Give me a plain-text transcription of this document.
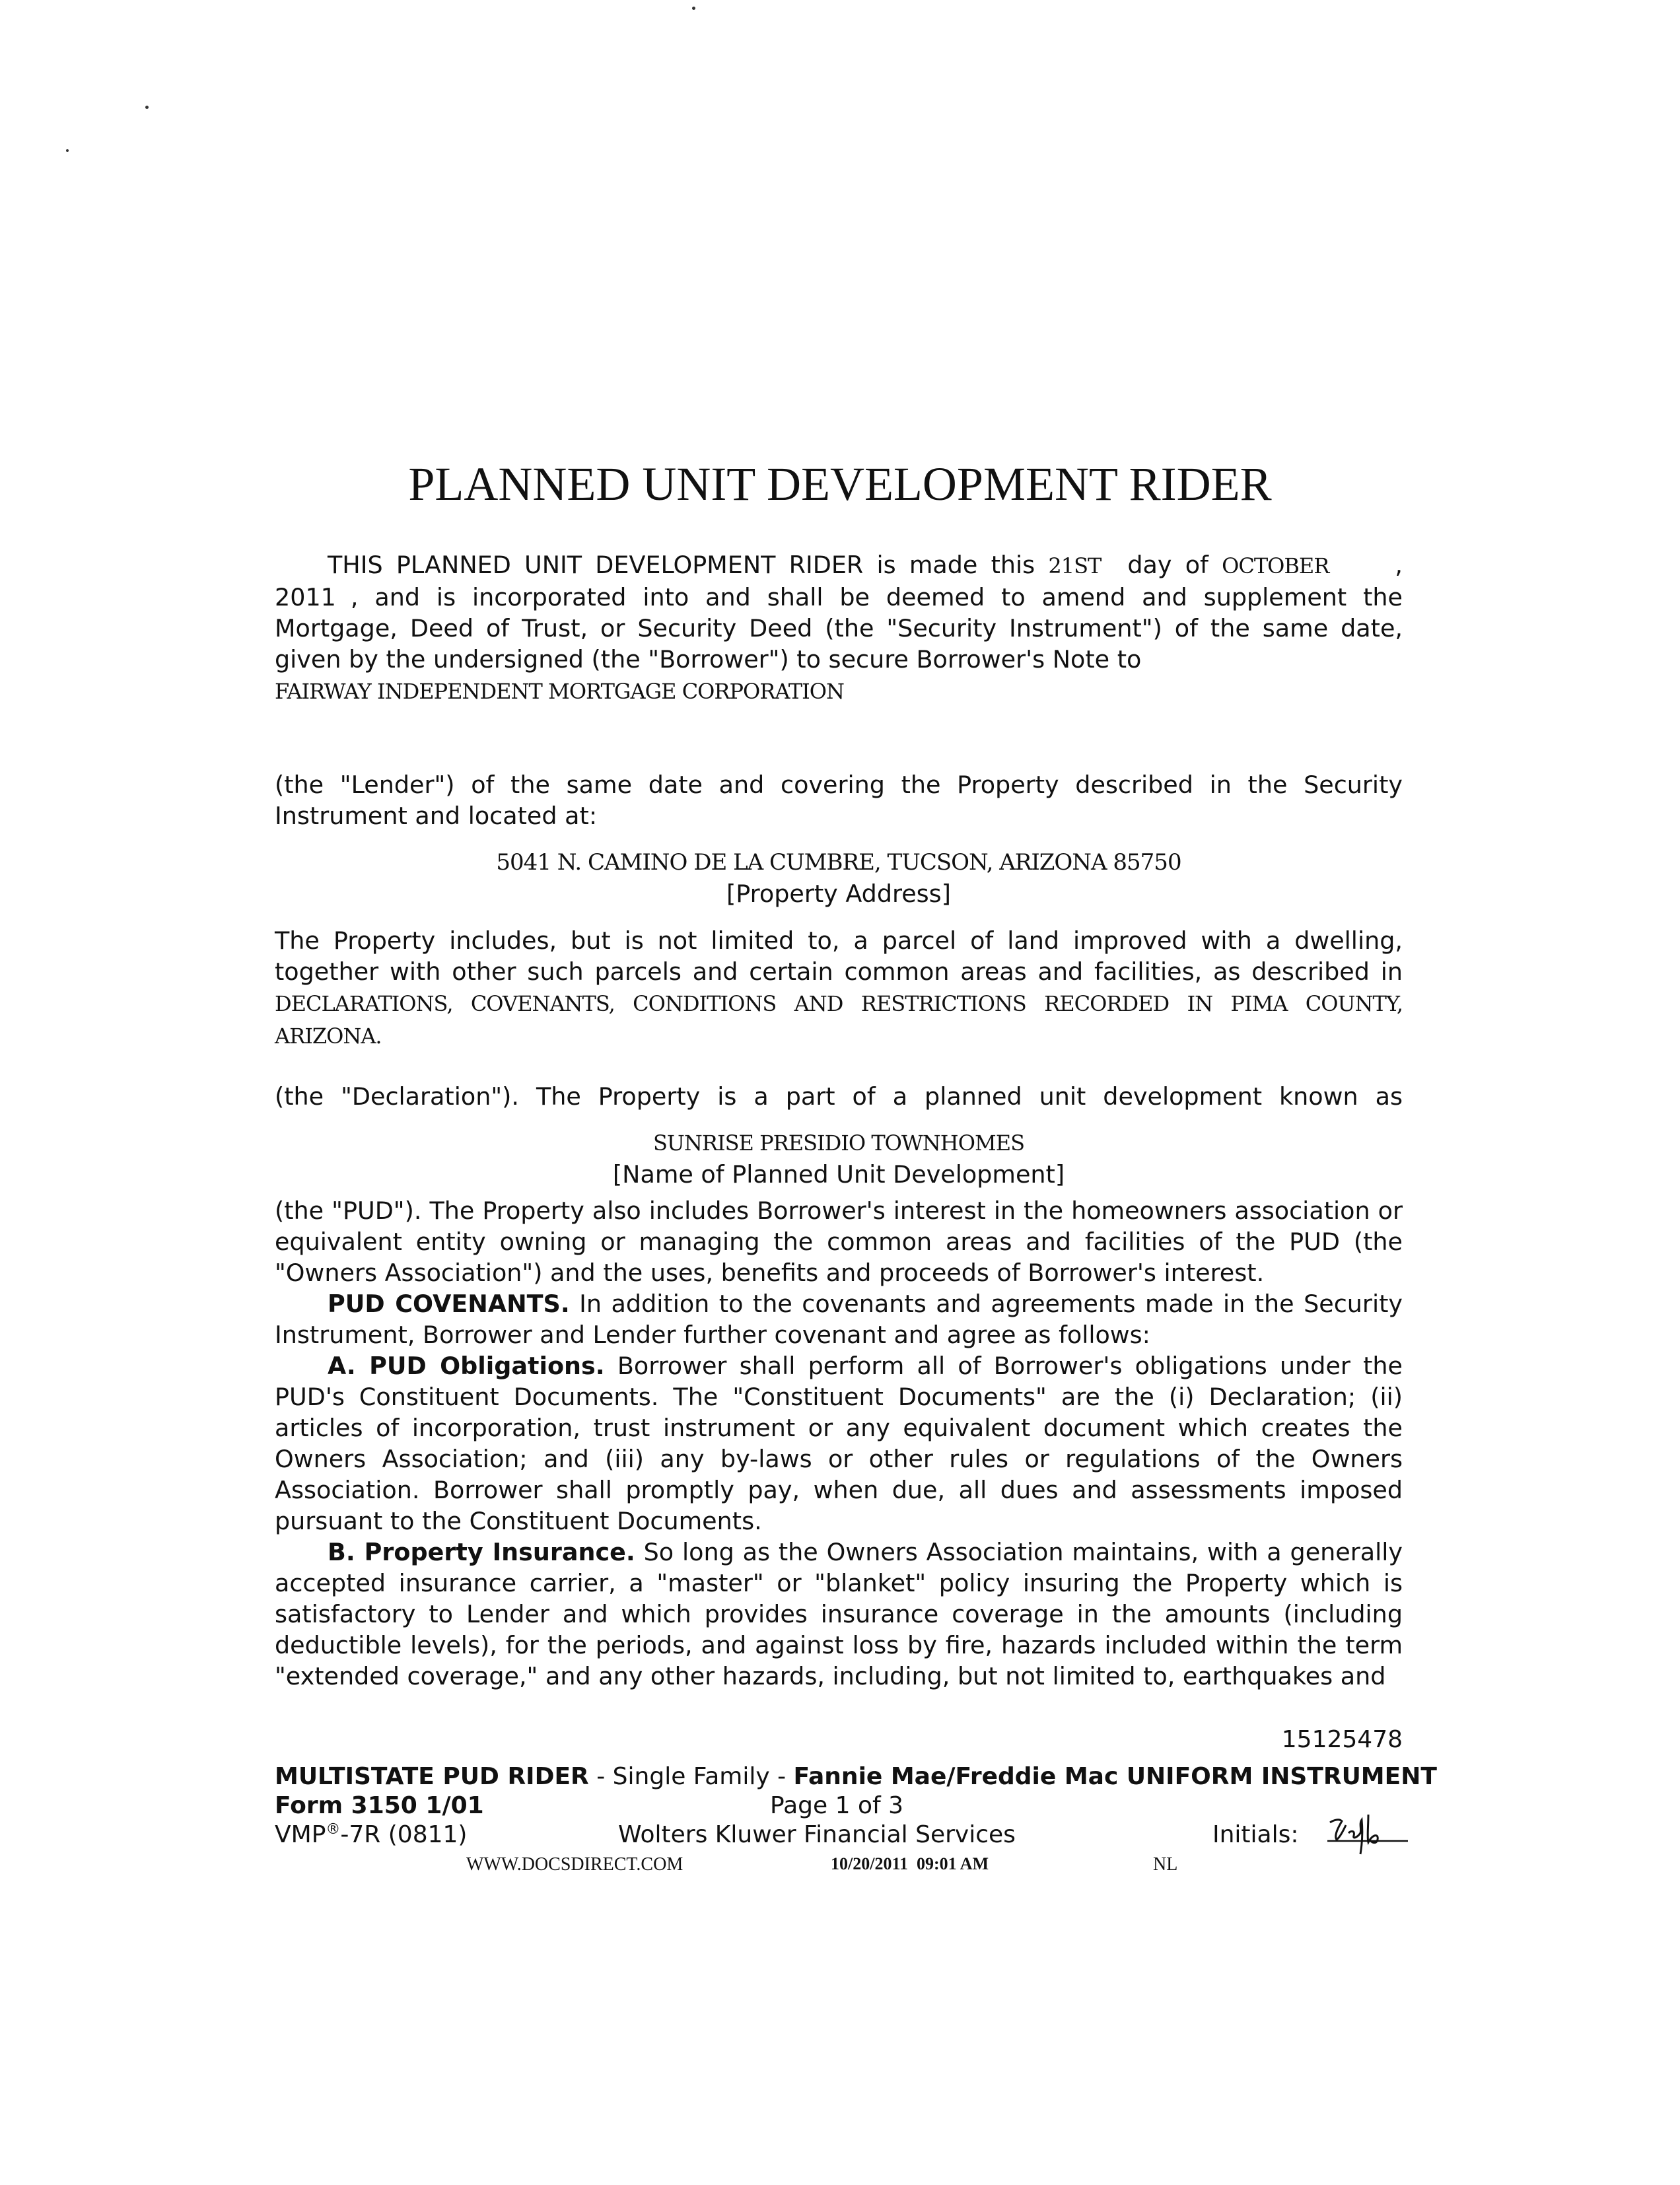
PLANNED UNIT DEVELOPMENT RIDER

THIS PLANNED UNIT DEVELOPMENT RIDER is made this 21ST day of OCTOBER	, 2011 , and is incorporated into and shall be deemed to amend and supplement the Mortgage, Deed of Trust, or Security Deed (the "Security Instrument") of the same date, given by the undersigned (the "Borrower") to secure Borrower's Note to

FAIRWAY INDEPENDENT MORTGAGE CORPORATION

(the "Lender") of the same date and covering the Property described in the Security Instrument and located at:

5041 N. CAMINO DE LA CUMBRE, TUCSON, ARIZONA 85750

[Property Address]

The Property includes, but is not limited to, a parcel of land improved with a dwelling, together with other such parcels and certain common areas and facilities, as described in DECLARATIONS, COVENANTS, CONDITIONS AND RESTRICTIONS RECORDED IN PIMA COUNTY, ARIZONA.

(the "Declaration"). The Property is a part of a planned unit development known as

SUNRISE PRESIDIO TOWNHOMES

[Name of Planned Unit Development]

(the "PUD"). The Property also includes Borrower's interest in the homeowners association or equivalent entity owning or managing the common areas and facilities of the PUD (the "Owners Association") and the uses, benefits and proceeds of Borrower's interest.

PUD COVENANTS. In addition to the covenants and agreements made in the Security Instrument, Borrower and Lender further covenant and agree as follows:

A. PUD Obligations. Borrower shall perform all of Borrower's obligations under the PUD's Constituent Documents. The "Constituent Documents" are the (i) Declaration; (ii) articles of incorporation, trust instrument or any equivalent document which creates the Owners Association; and (iii) any by-laws or other rules or regulations of the Owners Association. Borrower shall promptly pay, when due, all dues and assessments imposed pursuant to the Constituent Documents.

B. Property Insurance. So long as the Owners Association maintains, with a generally accepted insurance carrier, a "master" or "blanket" policy insuring the Property which is satisfactory to Lender and which provides insurance coverage in the amounts (including deductible levels), for the periods, and against loss by fire, hazards included within the term "extended coverage," and any other hazards, including, but not limited to, earthquakes and

15125478
MULTISTATE PUD RIDER - Single Family - Fannie Mae/Freddie Mac UNIFORM INSTRUMENT
Form 3150 1/01	Page 1 of 3
VMP®-7R (0811)	Wolters Kluwer Financial Services	Initials:
WWW.DOCSDIRECT.COM	10/20/2011  09:01 AM	NL
